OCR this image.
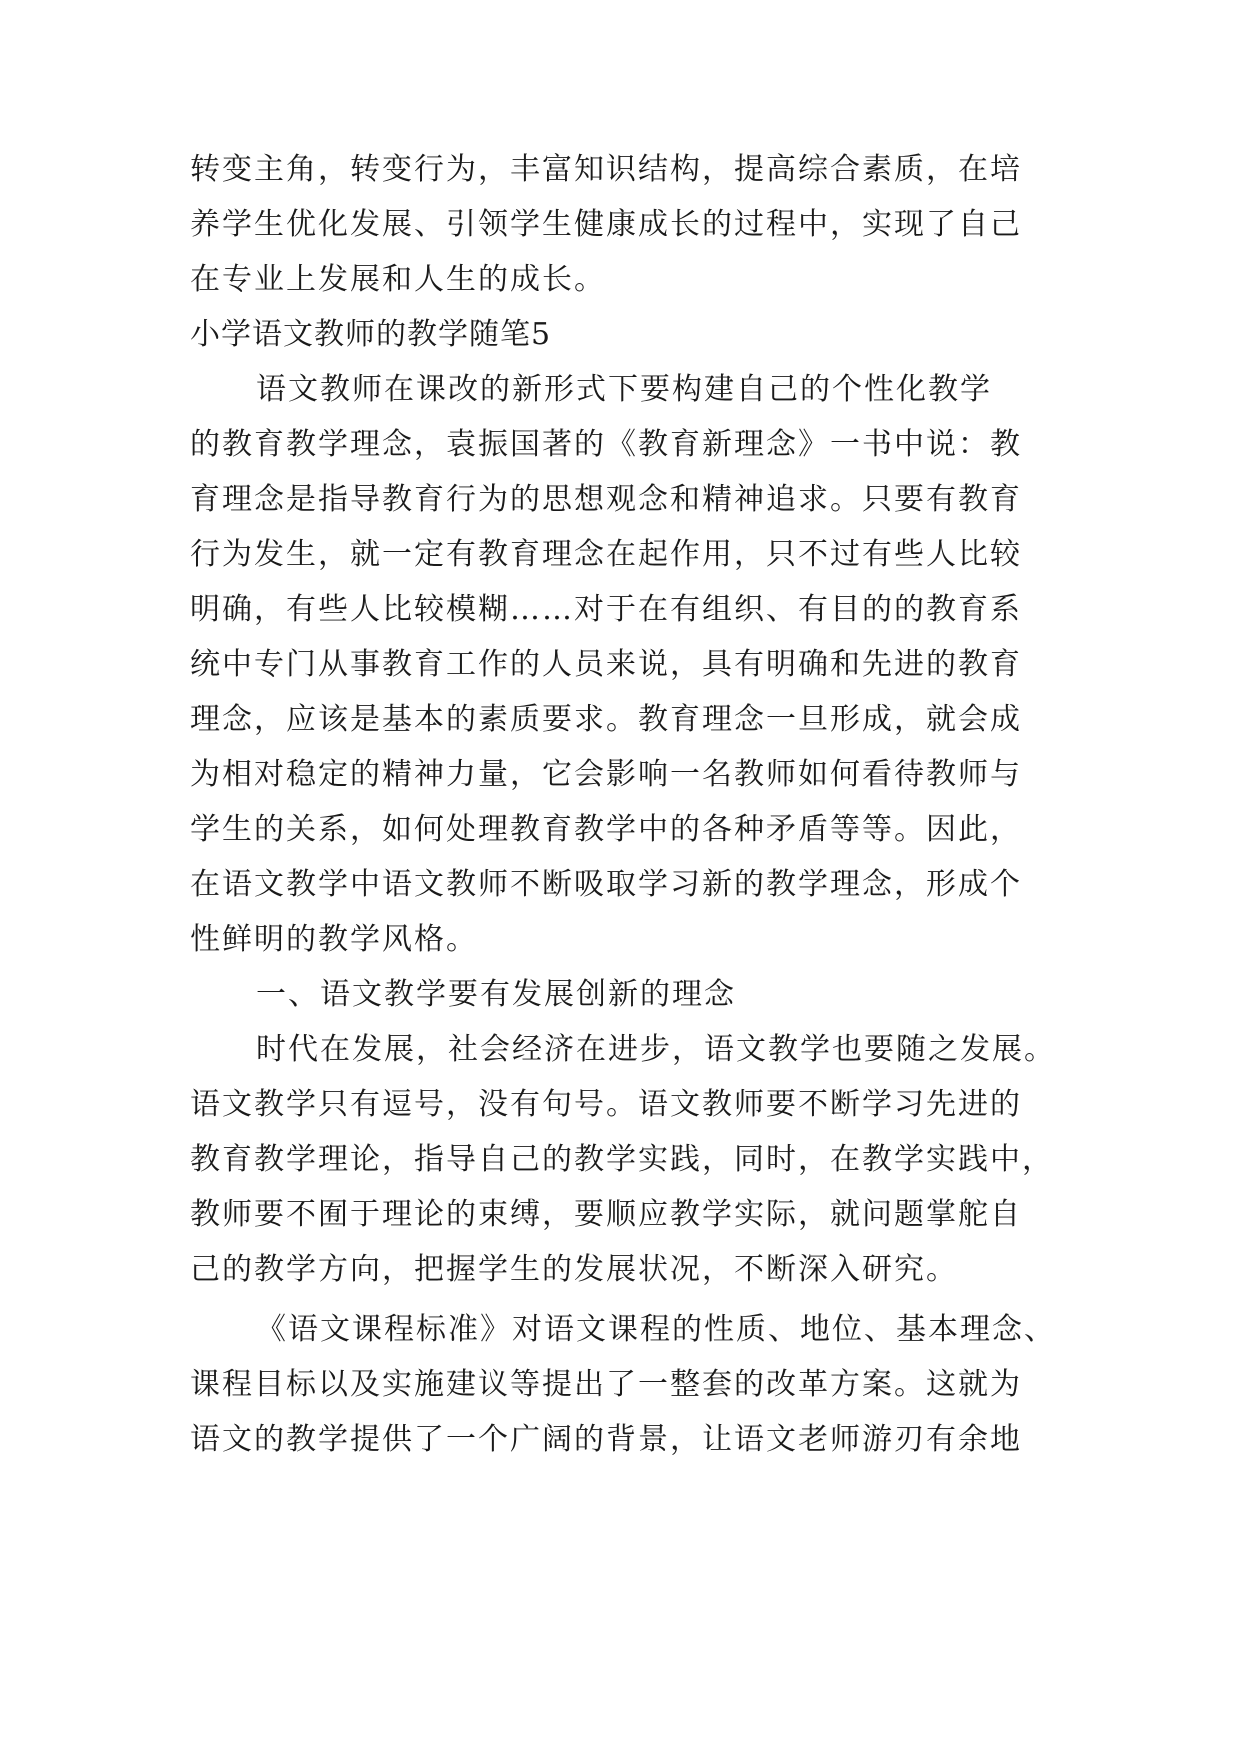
转变主角，转变行为，丰富知识结构，提高综合素质，在培
养学生优化发展、引领学生健康成长的过程中，实现了自己
在专业上发展和人生的成长。
小学语文教师的教学随笔5
语文教师在课改的新形式下要构建自己的个性化教学
的教育教学理念，袁振国著的《教育新理念》一书中说：教
育理念是指导教育行为的思想观念和精神追求。只要有教育
行为发生，就一定有教育理念在起作用，只不过有些人比较
明确，有些人比较模糊……对于在有组织、有目的的教育系
统中专门从事教育工作的人员来说，具有明确和先进的教育
理念，应该是基本的素质要求。教育理念一旦形成，就会成
为相对稳定的精神力量，它会影响一名教师如何看待教师与
学生的关系，如何处理教育教学中的各种矛盾等等。因此，
在语文教学中语文教师不断吸取学习新的教学理念，形成个
性鲜明的教学风格。
一、语文教学要有发展创新的理念
时代在发展，社会经济在进步，语文教学也要随之发展。
语文教学只有逗号，没有句号。语文教师要不断学习先进的
教育教学理论，指导自己的教学实践，同时，在教学实践中，
教师要不囿于理论的束缚，要顺应教学实际，就问题掌舵自
己的教学方向，把握学生的发展状况，不断深入研究。
《语文课程标准》对语文课程的性质、地位、基本理念、
课程目标以及实施建议等提出了一整套的改革方案。这就为
语文的教学提供了一个广阔的背景，让语文老师游刃有余地
